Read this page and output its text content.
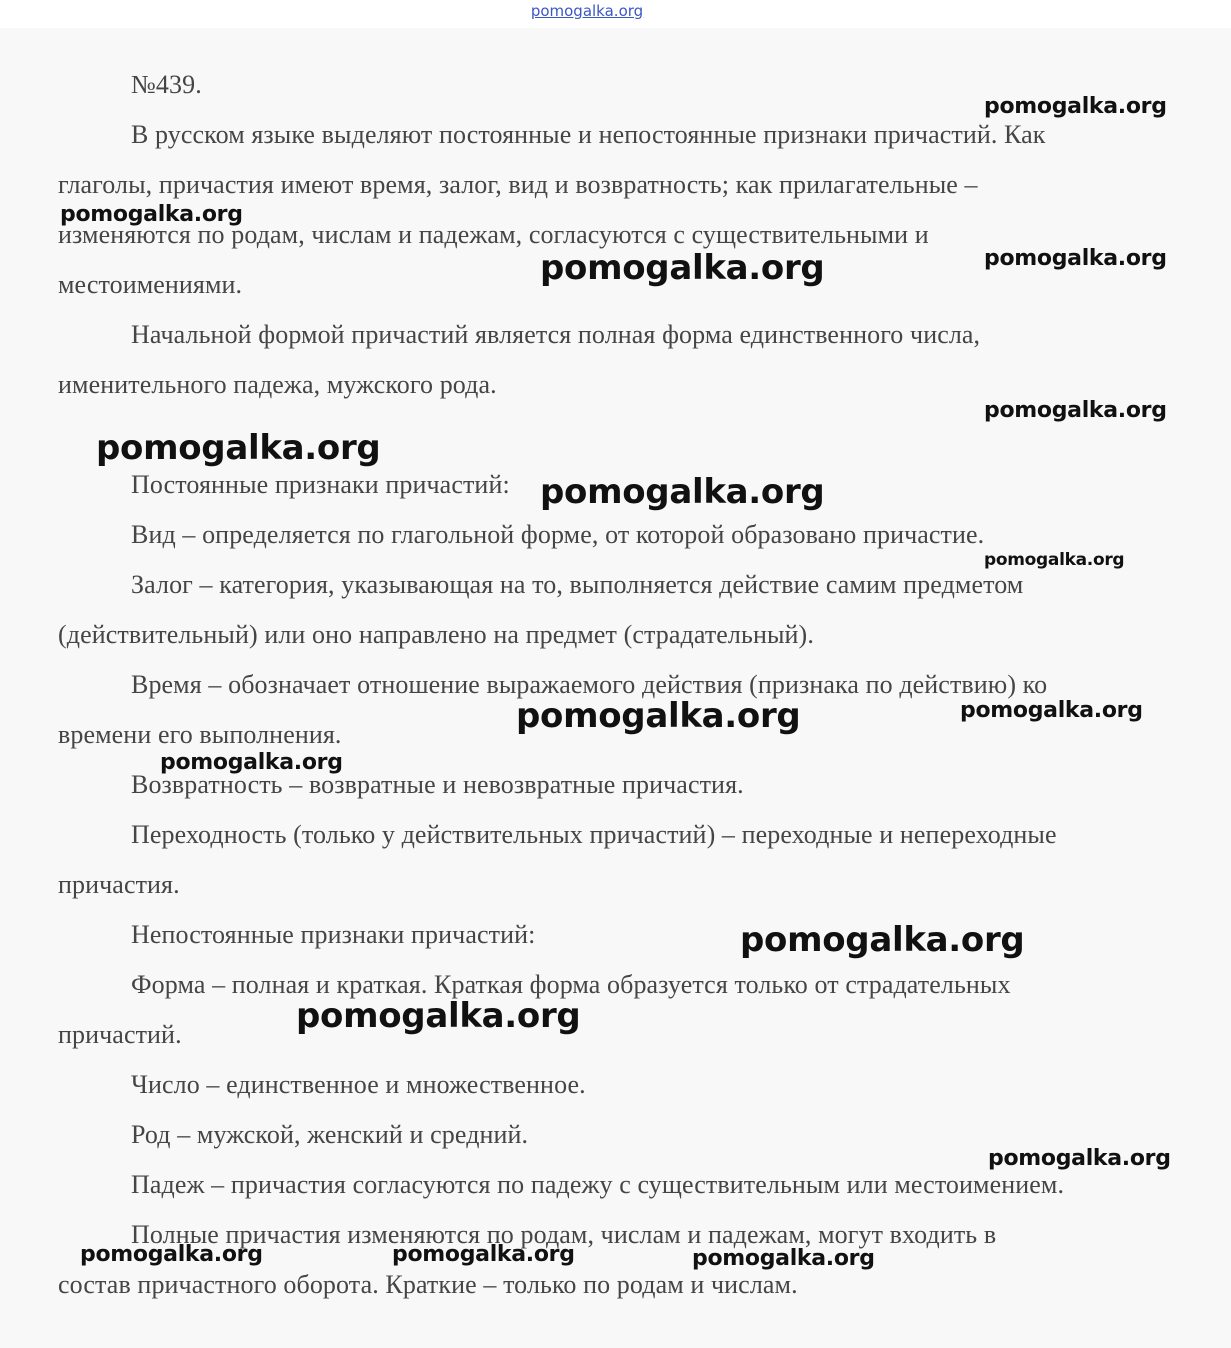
pomogalka.org
№439.
В русском языке выделяют постоянные и непостоянные признаки причастий. Как
глаголы, причастия имеют время, залог, вид и возвратность; как прилагательные –
изменяются по родам, числам и падежам, согласуются с существительными и
местоимениями.
Начальной формой причастий является полная форма единственного числа,
именительного падежа, мужского рода.
Постоянные признаки причастий:
Вид – определяется по глагольной форме, от которой образовано причастие.
Залог – категория, указывающая на то, выполняется действие самим предметом
(действительный) или оно направлено на предмет (страдательный).
Время – обозначает отношение выражаемого действия (признака по действию) ко
времени его выполнения.
Возвратность – возвратные и невозвратные причастия.
Переходность (только у действительных причастий) – переходные и непереходные
причастия.
Непостоянные признаки причастий:
Форма – полная и краткая. Краткая форма образуется только от страдательных
причастий.
Число – единственное и множественное.
Род – мужской, женский и средний.
Падеж – причастия согласуются по падежу с существительным или местоимением.
Полные причастия изменяются по родам, числам и падежам, могут входить в
состав причастного оборота. Краткие – только по родам и числам.
pomogalka.org
pomogalka.org
pomogalka.org
pomogalka.org
pomogalka.org
pomogalka.org
pomogalka.org
pomogalka.org
pomogalka.org	pomogalka.org
pomogalka.org
pomogalka.org
pomogalka.org
pomogalka.org
pomogalka.org	pomogalka.org	pomogalka.org
